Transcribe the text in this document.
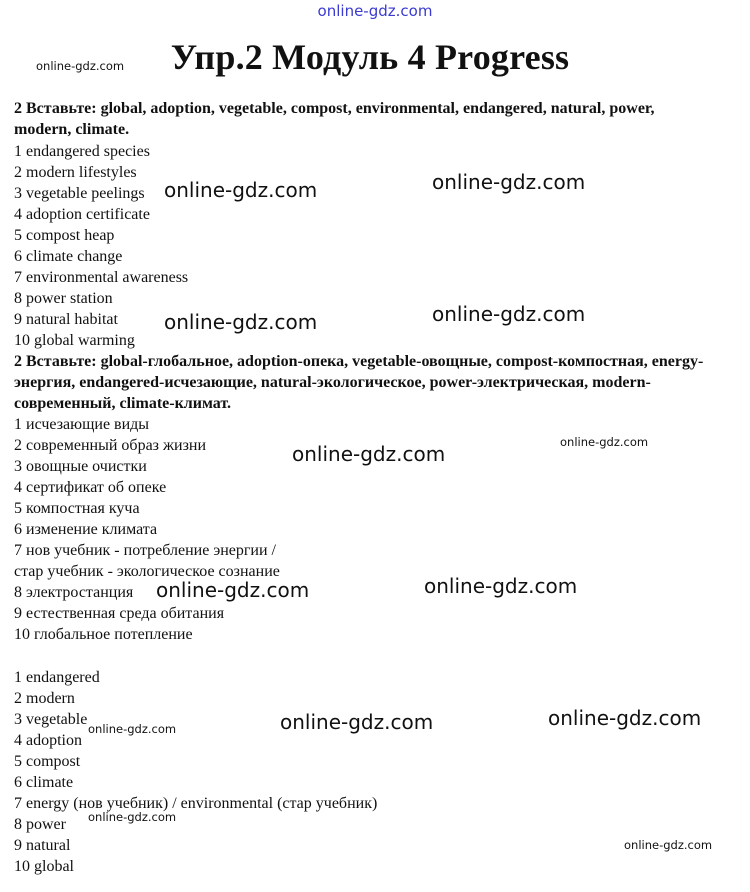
online-gdz.com
Упр.2 Модуль 4 Progress
2 Вставьте: global, adoption, vegetable, compost, environmental, endangered, natural, power, modern, climate.
1 endangered species
2 modern lifestyles
3 vegetable peelings
4 adoption certificate
5 compost heap
6 climate change
7 environmental awareness
8 power station
9 natural habitat
10 global warming
2 Вставьте: global-глобальное, adoption-опека, vegetable-овощные, compost-компостная, energy-энергия, endangered-исчезающие, natural-экологическое, power-электрическая, modern-современный, climate-климат.
1 исчезающие виды
2 современный образ жизни
3 овощные очистки
4 сертификат об опеке
5 компостная куча
6 изменение климата
7 нов учебник - потребление энергии /
стар учебник - экологическое сознание
8 электростанция
9 естественная среда обитания
10 глобальное потепление
1 endangered
2 modern
3 vegetable
4 adoption
5 compost
6 climate
7 energy (нов учебник) / environmental (стар учебник)
8 power
9 natural
10 global
online-gdz.com
online-gdz.com	online-gdz.com
online-gdz.com	online-gdz.com
online-gdz.com
online-gdz.com
online-gdz.com	online-gdz.com
online-gdz.com	online-gdz.com
online-gdz.com
online-gdz.com
online-gdz.com
